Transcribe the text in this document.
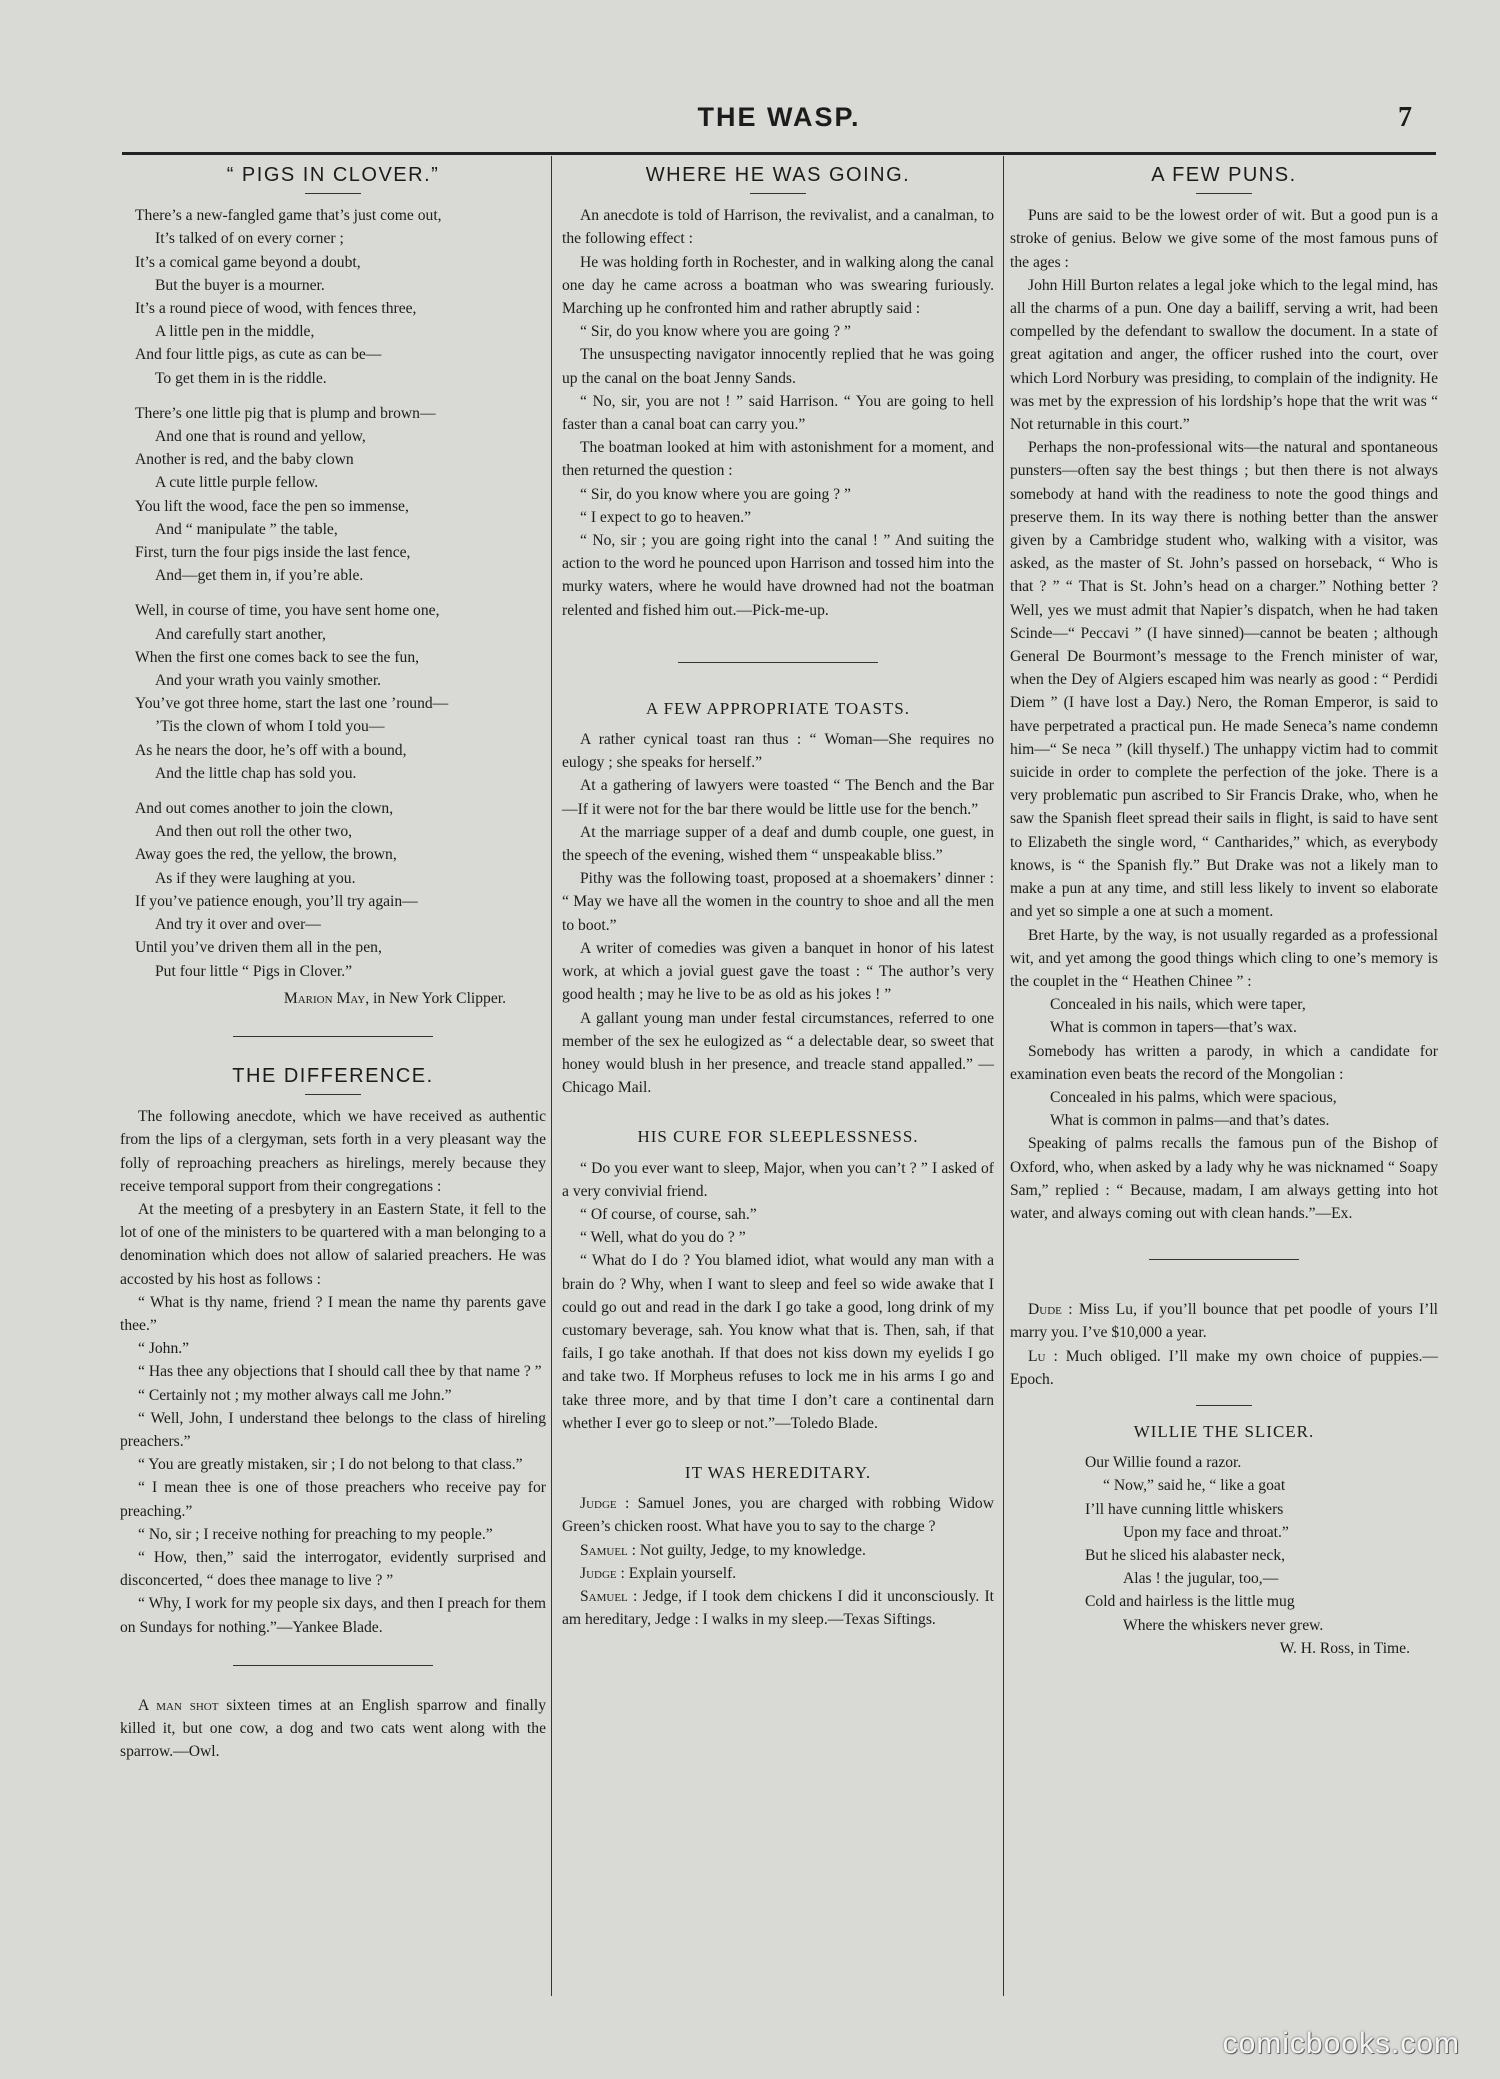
THE WASP.	7
“ PIGS IN CLOVER.”
There’s a new-fangled game that’s just come out,
It’s talked of on every corner ;
It’s a comical game beyond a doubt,
But the buyer is a mourner.
It’s a round piece of wood, with fences three,
A little pen in the middle,
And four little pigs, as cute as can be—
To get them in is the riddle.
There’s one little pig that is plump and brown—
And one that is round and yellow,
Another is red, and the baby clown
A cute little purple fellow.
You lift the wood, face the pen so immense,
And “ manipulate ” the table,
First, turn the four pigs inside the last fence,
And—get them in, if you’re able.
Well, in course of time, you have sent home one,
And carefully start another,
When the first one comes back to see the fun,
And your wrath you vainly smother.
You’ve got three home, start the last one ’round—
’Tis the clown of whom I told you—
As he nears the door, he’s off with a bound,
And the little chap has sold you.
And out comes another to join the clown,
And then out roll the other two,
Away goes the red, the yellow, the brown,
As if they were laughing at you.
If you’ve patience enough, you’ll try again—
And try it over and over—
Until you’ve driven them all in the pen,
Put four little “ Pigs in Clover.”
Marion May, in New York Clipper.
THE DIFFERENCE.

The following anecdote, which we have received as authentic from the lips of a clergyman, sets forth in a very pleasant way the folly of reproaching preachers as hirelings, merely because they receive temporal support from their congregations :

At the meeting of a presbytery in an Eastern State, it fell to the lot of one of the ministers to be quartered with a man belonging to a denomination which does not allow of salaried preachers. He was accosted by his host as follows :

“ What is thy name, friend ? I mean the name thy parents gave thee.”

“ John.”

“ Has thee any objections that I should call thee by that name ? ”

“ Certainly not ; my mother always call me John.”

“ Well, John, I understand thee belongs to the class of hireling preachers.”

“ You are greatly mistaken, sir ; I do not belong to that class.”

“ I mean thee is one of those preachers who receive pay for preaching.”

“ No, sir ; I receive nothing for preaching to my people.”

“ How, then,” said the interrogator, evidently surprised and disconcerted, “ does thee manage to live ? ”

“ Why, I work for my people six days, and then I preach for them on Sundays for nothing.”—Yankee Blade.

A man shot sixteen times at an English sparrow and finally killed it, but one cow, a dog and two cats went along with the sparrow.—Owl.

WHERE HE WAS GOING.

An anecdote is told of Harrison, the revivalist, and a canalman, to the following effect :

He was holding forth in Rochester, and in walking along the canal one day he came across a boatman who was swearing furiously. Marching up he confronted him and rather abruptly said :

“ Sir, do you know where you are going ? ”

The unsuspecting navigator innocently replied that he was going up the canal on the boat Jenny Sands.

“ No, sir, you are not ! ” said Harrison. “ You are going to hell faster than a canal boat can carry you.”

The boatman looked at him with astonishment for a moment, and then returned the question :

“ Sir, do you know where you are going ? ”

“ I expect to go to heaven.”

“ No, sir ; you are going right into the canal ! ” And suiting the action to the word he pounced upon Harrison and tossed him into the murky waters, where he would have drowned had not the boatman relented and fished him out.—Pick-me-up.

A FEW APPROPRIATE TOASTS.

A rather cynical toast ran thus : “ Woman—She requires no eulogy ; she speaks for herself.”

At a gathering of lawyers were toasted “ The Bench and the Bar—If it were not for the bar there would be little use for the bench.”

At the marriage supper of a deaf and dumb couple, one guest, in the speech of the evening, wished them “ unspeakable bliss.”

Pithy was the following toast, proposed at a shoemakers’ dinner : “ May we have all the women in the country to shoe and all the men to boot.”

A writer of comedies was given a banquet in honor of his latest work, at which a jovial guest gave the toast : “ The author’s very good health ; may he live to be as old as his jokes ! ”

A gallant young man under festal circumstances, referred to one member of the sex he eulogized as “ a delectable dear, so sweet that honey would blush in her presence, and treacle stand appalled.” —Chicago Mail.

HIS CURE FOR SLEEPLESSNESS.

“ Do you ever want to sleep, Major, when you can’t ? ” I asked of a very convivial friend.

“ Of course, of course, sah.”

“ Well, what do you do ? ”

“ What do I do ? You blamed idiot, what would any man with a brain do ? Why, when I want to sleep and feel so wide awake that I could go out and read in the dark I go take a good, long drink of my customary beverage, sah. You know what that is. Then, sah, if that fails, I go take anothah. If that does not kiss down my eyelids I go and take two. If Morpheus refuses to lock me in his arms I go and take three more, and by that time I don’t care a continental darn whether I ever go to sleep or not.”—Toledo Blade.

IT WAS HEREDITARY.

Judge : Samuel Jones, you are charged with robbing Widow Green’s chicken roost. What have you to say to the charge ?

Samuel : Not guilty, Jedge, to my knowledge.

Judge : Explain yourself.

Samuel : Jedge, if I took dem chickens I did it unconsciously. It am hereditary, Jedge : I walks in my sleep.—Texas Siftings.

A FEW PUNS.

Puns are said to be the lowest order of wit. But a good pun is a stroke of genius. Below we give some of the most famous puns of the ages :

John Hill Burton relates a legal joke which to the legal mind, has all the charms of a pun. One day a bailiff, serving a writ, had been compelled by the defendant to swallow the document. In a state of great agitation and anger, the officer rushed into the court, over which Lord Norbury was presiding, to complain of the indignity. He was met by the expression of his lordship’s hope that the writ was “ Not returnable in this court.”

Perhaps the non-professional wits—the natural and spontaneous punsters—often say the best things ; but then there is not always somebody at hand with the readiness to note the good things and preserve them. In its way there is nothing better than the answer given by a Cambridge student who, walking with a visitor, was asked, as the master of St. John’s passed on horseback, “ Who is that ? ” “ That is St. John’s head on a charger.” Nothing better ? Well, yes we must admit that Napier’s dispatch, when he had taken Scinde—“ Peccavi ” (I have sinned)—cannot be beaten ; although General De Bourmont’s message to the French minister of war, when the Dey of Algiers escaped him was nearly as good : “ Perdidi Diem ” (I have lost a Day.) Nero, the Roman Emperor, is said to have perpetrated a practical pun. He made Seneca’s name condemn him—“ Se neca ” (kill thyself.) The unhappy victim had to commit suicide in order to complete the perfection of the joke. There is a very problematic pun ascribed to Sir Francis Drake, who, when he saw the Spanish fleet spread their sails in flight, is said to have sent to Elizabeth the single word, “ Cantharides,” which, as everybody knows, is “ the Spanish fly.” But Drake was not a likely man to make a pun at any time, and still less likely to invent so elaborate and yet so simple a one at such a moment.

Bret Harte, by the way, is not usually regarded as a professional wit, and yet among the good things which cling to one’s memory is the couplet in the “ Heathen Chinee ” :

Concealed in his nails, which were taper,
What is common in tapers—that’s wax.

Somebody has written a parody, in which a candidate for examination even beats the record of the Mongolian :

Concealed in his palms, which were spacious,
What is common in palms—and that’s dates.

Speaking of palms recalls the famous pun of the Bishop of Oxford, who, when asked by a lady why he was nicknamed “ Soapy Sam,” replied : “ Because, madam, I am always getting into hot water, and always coming out with clean hands.”—Ex.

Dude : Miss Lu, if you’ll bounce that pet poodle of yours I’ll marry you. I’ve $10,000 a year.

Lu : Much obliged. I’ll make my own choice of puppies.—Epoch.

WILLIE THE SLICER.
Our Willie found a razor.
“ Now,” said he, “ like a goat
I’ll have cunning little whiskers
Upon my face and throat.”
But he sliced his alabaster neck,
Alas ! the jugular, too,—
Cold and hairless is the little mug
Where the whiskers never grew.
W. H. Ross, in Time.
comicbooks.com
